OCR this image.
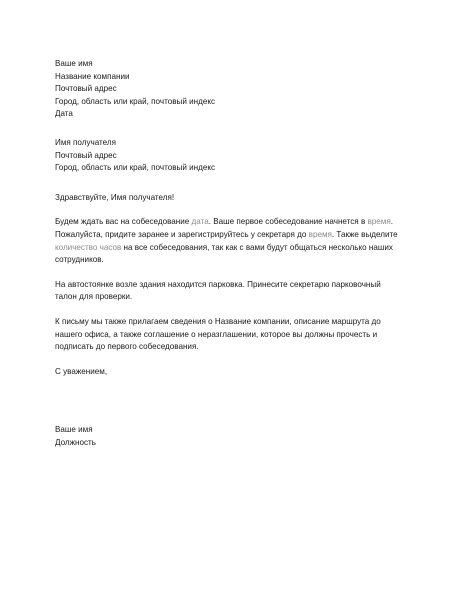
Ваше имя
Название компании
Почтовый адрес
Город, область или край, почтовый индекс
Дата
Имя получателя
Почтовый адрес
Город, область или край, почтовый индекс
Здравствуйте, Имя получателя!
Будем ждать вас на собеседование дата. Ваше первое собеседование начнется в время.
Пожалуйста, придите заранее и зарегистрируйтесь у секретаря до время. Также выделите
количество часов на все собеседования, так как с вами будут общаться несколько наших
сотрудников.
На автостоянке возле здания находится парковка. Принесите секретарю парковочный
талон для проверки.
К письму мы также прилагаем сведения о Название компании, описание маршрута до
нашего офиса, а также соглашение о неразглашении, которое вы должны прочесть и
подписать до первого собеседования.
С уважением,
Ваше имя
Должность
